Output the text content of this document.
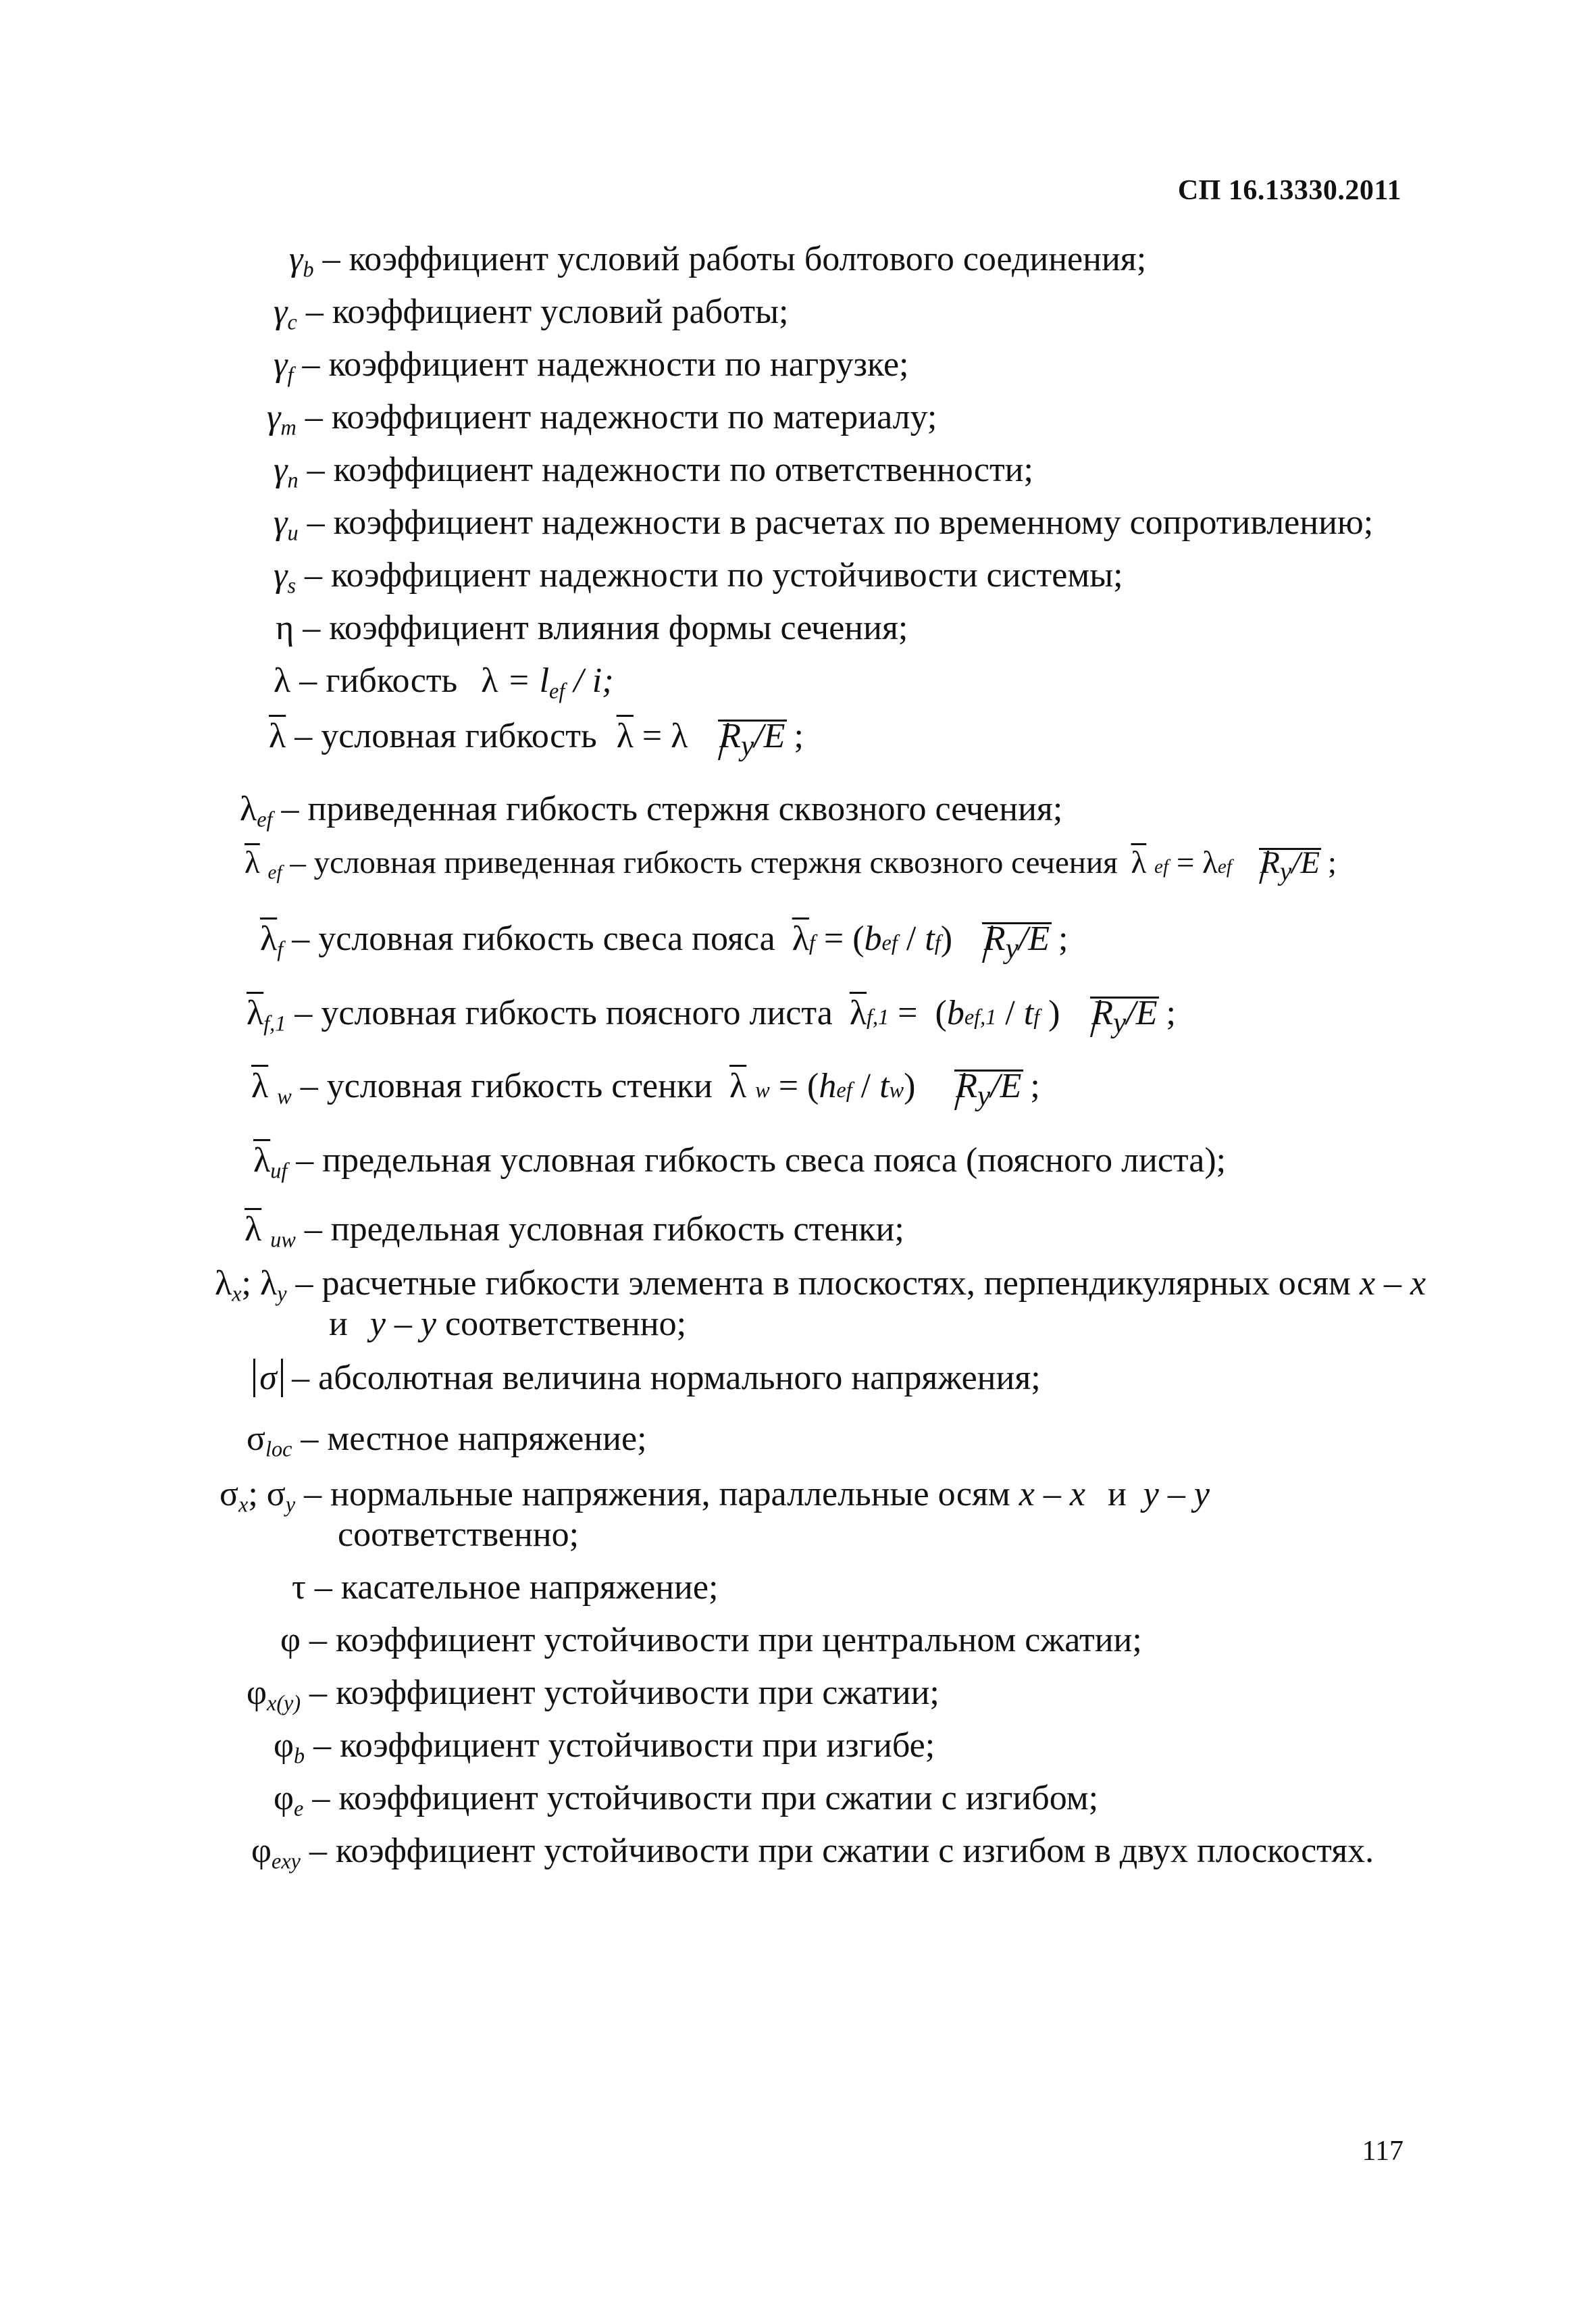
СП 16.13330.2011
$\gamma_b$ – коэффициент условий работы болтового соединения;
$\gamma_c$ – коэффициент условий работы;
$\gamma_f$ – коэффициент надежности по нагрузке;
$\gamma_m$ – коэффициент надежности по материалу;
$\gamma_n$ – коэффициент надежности по ответственности;
$\gamma_u$ – коэффициент надежности в расчетах по временному сопротивлению;
$\gamma_s$ – коэффициент надежности по устойчивости системы;
η – коэффициент влияния формы сечения;
λ – гибкость $\lambda = l_{ef} / i$;
$\overline{\lambda}$ – условная гибкость $\overline{\lambda} = \lambda$ $R_y/E$ ;
$\lambda_{ef}$ – приведенная гибкость стержня сквозного сечения;
$\overline{\lambda}$ $_{ef}$ – условная приведенная гибкость стержня сквозного сечения $\overline{\lambda}$ ef = λef $R_y/E$ ;
$\overline{\lambda}_f$ – условная гибкость свеса пояса $\overline{\lambda}f = (bef / tf)$ $R_y/E$ ;
$\overline{\lambda}_{f,1}$ – условная гибкость поясного листа $\overline{\lambda}f,1 = (bef,1$ / tf ) $R_y/E$ ;
$\overline{\lambda}$ $_w$ – условная гибкость стенки $\overline{\lambda}$ w = (hef / tw)  $R_y/E$ ;
$\overline{\lambda}_{uf}$ – предельная условная гибкость свеса пояса (поясного листа);
$\overline{\lambda}$ $_{uw}$ – предельная условная гибкость стенки;
$\lambda_x$; $\lambda_y$ – расчетные гибкости элемента в плоскостях, перпендикулярных осям x – x
и y – y соответственно;
σ – абсолютная величина нормального напряжения;
$\sigma_{loc}$ – местное напряжение;
$\sigma_x$; $\sigma_y$ – нормальные напряжения, параллельные осям x – x и y – y
соответственно;
τ – касательное напряжение;
φ – коэффициент устойчивости при центральном сжатии;
$\varphi_{x(y)}$ – коэффициент устойчивости при сжатии;
$\varphi_b$ – коэффициент устойчивости при изгибе;
$\varphi_e$ – коэффициент устойчивости при сжатии с изгибом;
$\varphi_{exy}$ – коэффициент устойчивости при сжатии с изгибом в двух плоскостях.
117
